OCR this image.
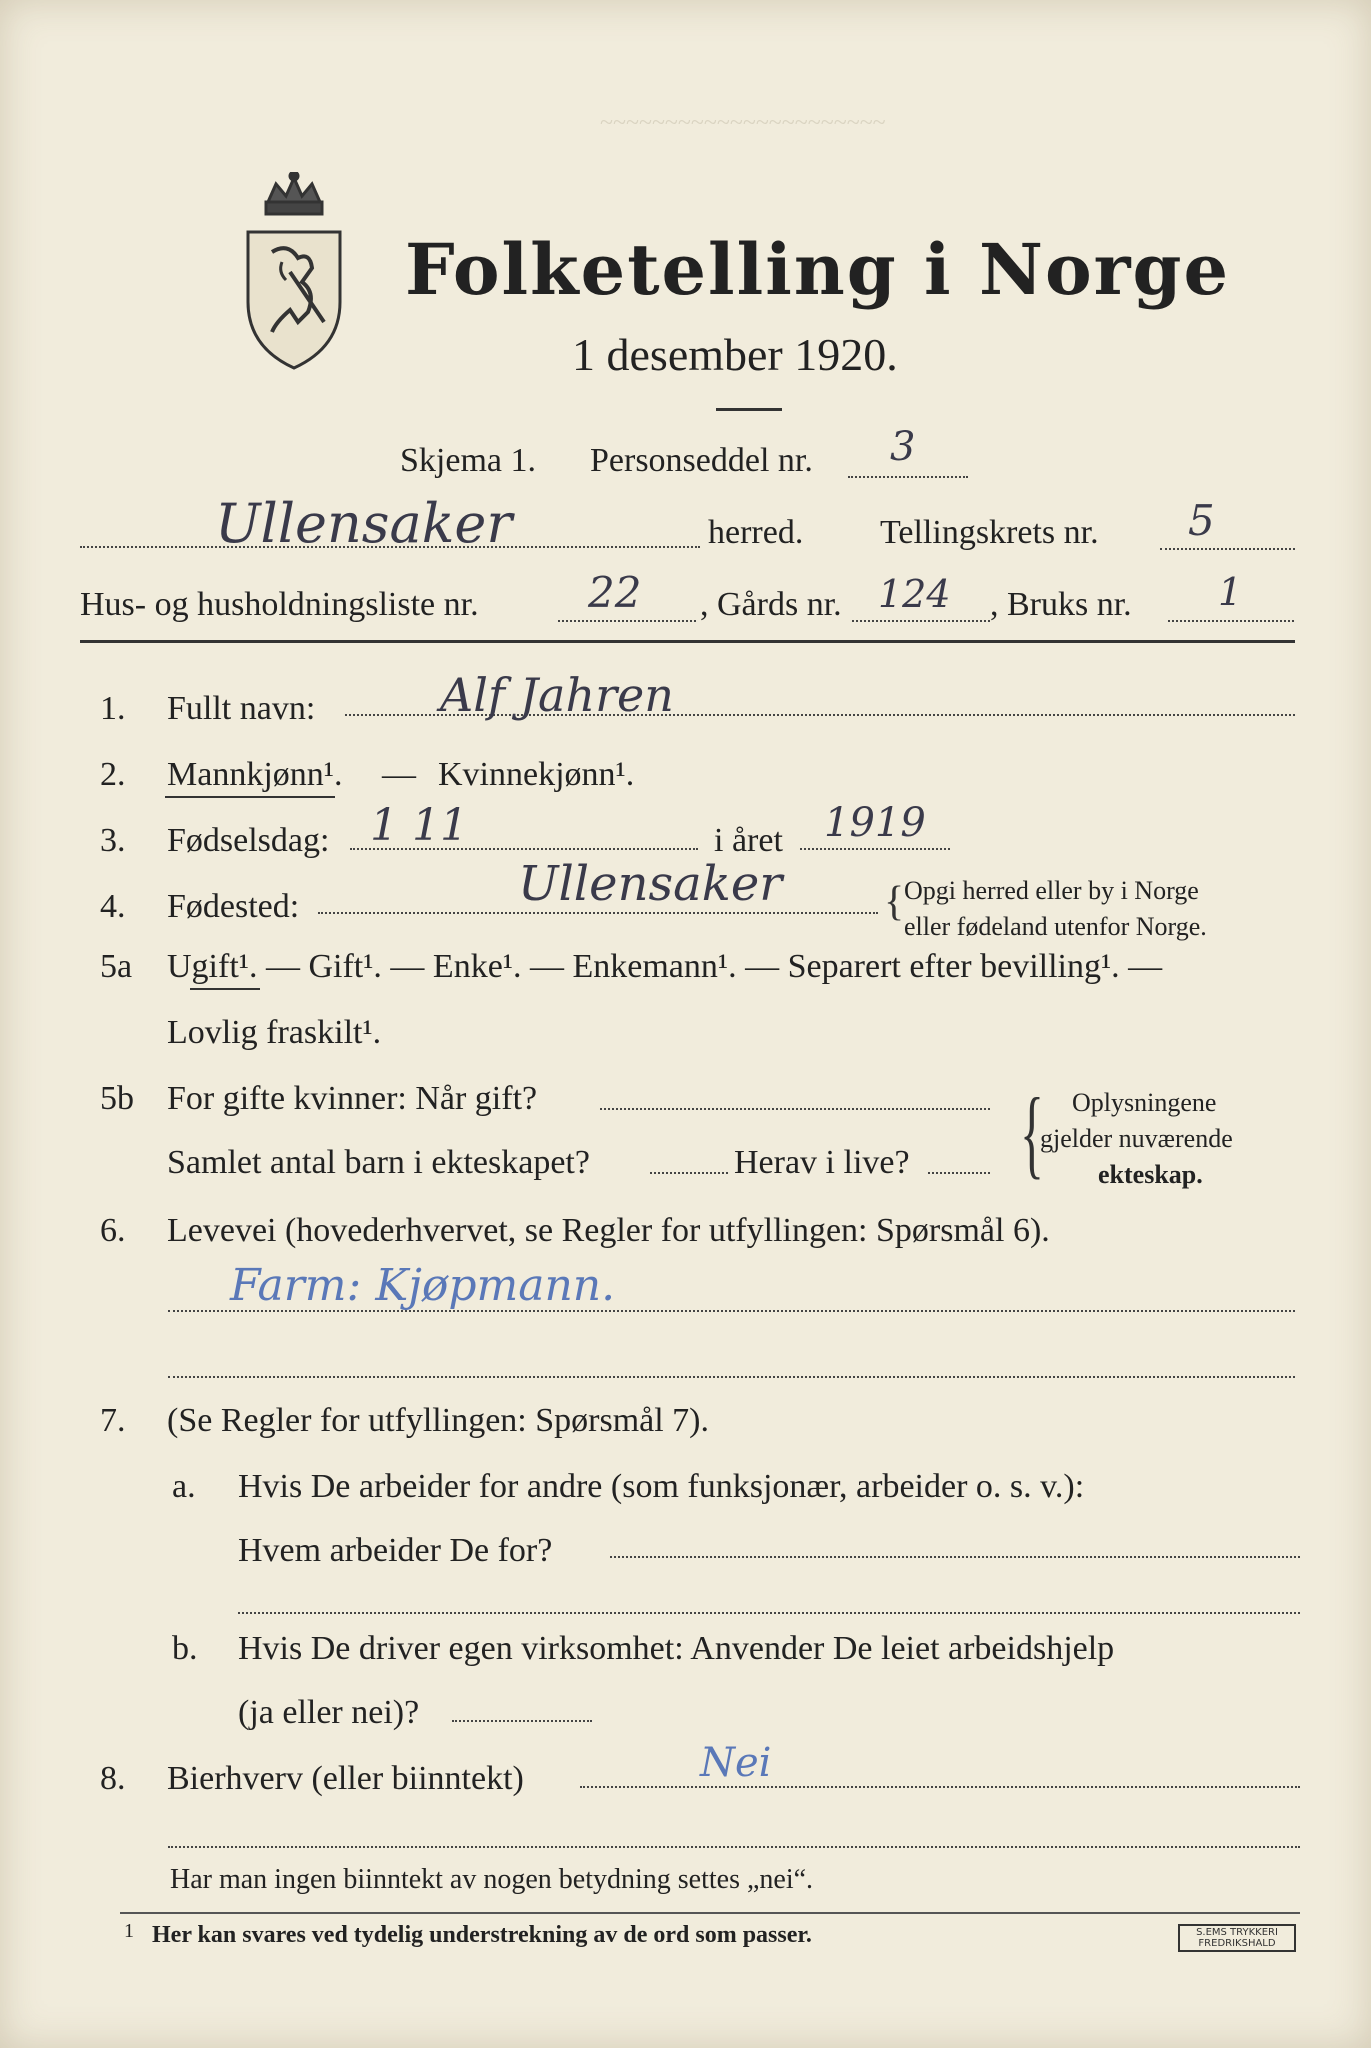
~~~~~~~~~~~~~~~~~~~~~~
Folketelling i Norge
1 desember 1920.
Skjema 1. Personseddel nr. 3
Ullensaker	herred. Tellingskrets nr. 5
Hus- og husholdningsliste nr.	22 , Gårds nr. 124 , Bruks nr. 1
1. Fullt navn:	Alf Jahren
2. Mannkjønn¹. — Kvinnekjønn¹.
3. Fødselsdag: 1 11	i året 1919
4. Fødested:	Ullensaker { Opgi herred eller by i Norge
eller fødeland utenfor Norge.
5a Ugift¹. — Gift¹. — Enke¹. — Enkemann¹. — Separert efter bevilling¹. —
Lovlig fraskilt¹.
5b For gifte kvinner: Når gift?
Samlet antal barn i ekteskapet?	Herav i live? { Oplysningene
gjelder nuværende
ekteskap.
6. Levevei (hovederhvervet, se Regler for utfyllingen: Spørsmål 6).
Farm: Kjøpmann.
7. (Se Regler for utfyllingen: Spørsmål 7).
a. Hvis De arbeider for andre (som funksjonær, arbeider o. s. v.):
Hvem arbeider De for?
b. Hvis De driver egen virksomhet: Anvender De leiet arbeidshjelp
(ja eller nei)?
8. Bierhverv (eller biinntekt)	Nei
Har man ingen biinntekt av nogen betydning settes „nei“.
1 Her kan svares ved tydelig understrekning av de ord som passer.	S.EMS TRYKKERI FREDRIKSHALD
